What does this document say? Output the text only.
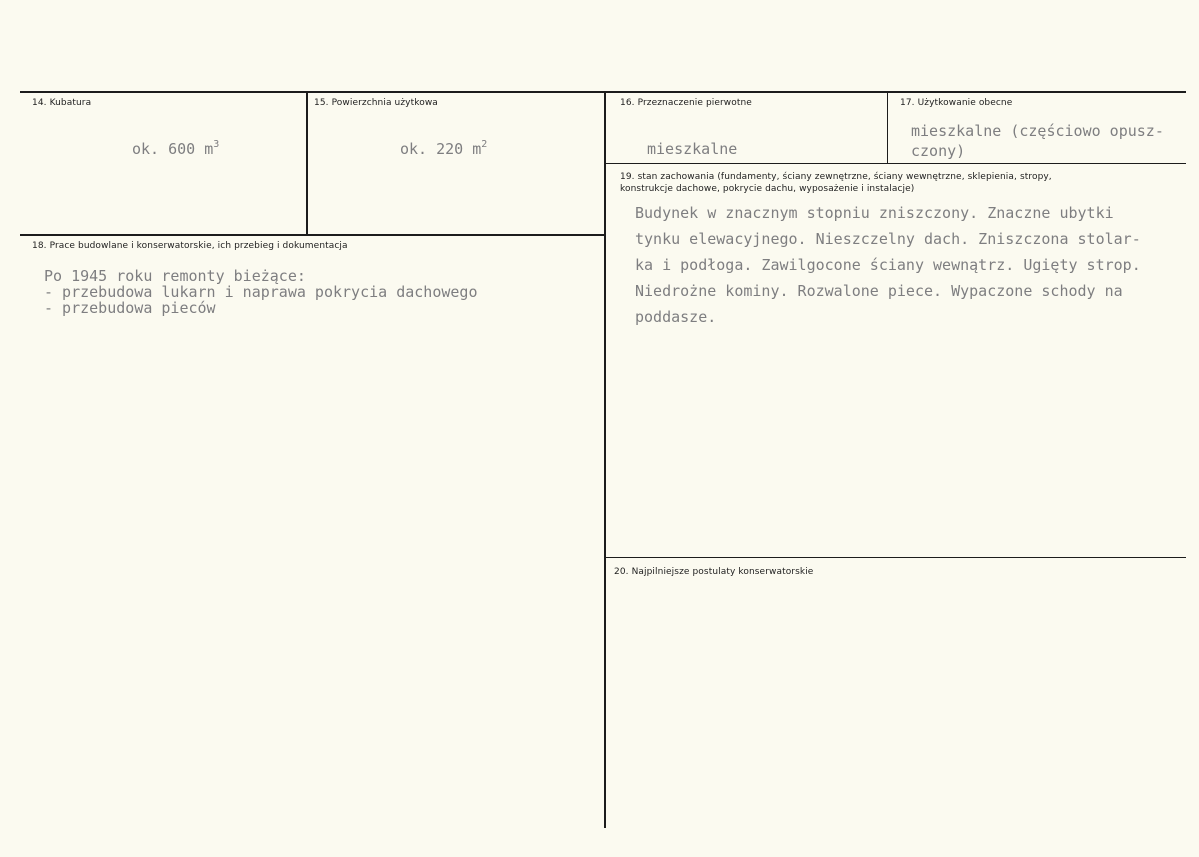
14. Kubatura
ok. 600 $m^3$
15. Powierzchnia użytkowa
ok. 220 $m^2$
16. Przeznaczenie pierwotne
mieszkalne
17. Użytkowanie obecne
mieszkalne (częściowo opusz-
czony)
18. Prace budowlane i konserwatorskie, ich przebieg i dokumentacja
Po 1945 roku remonty bieżące:
- przebudowa lukarn i naprawa pokrycia dachowego
- przebudowa pieców
19. stan zachowania (fundamenty, ściany zewnętrzne, ściany wewnętrzne, sklepienia, stropy,
konstrukcje dachowe, pokrycie dachu, wyposażenie i instalacje)
Budynek w znacznym stopniu zniszczony. Znaczne ubytki
tynku elewacyjnego. Nieszczelny dach. Zniszczona stolar-
ka i podłoga. Zawilgocone ściany wewnątrz. Ugięty strop.
Niedrożne kominy. Rozwalone piece. Wypaczone schody na
poddasze.
20. Najpilniejsze postulaty konserwatorskie
